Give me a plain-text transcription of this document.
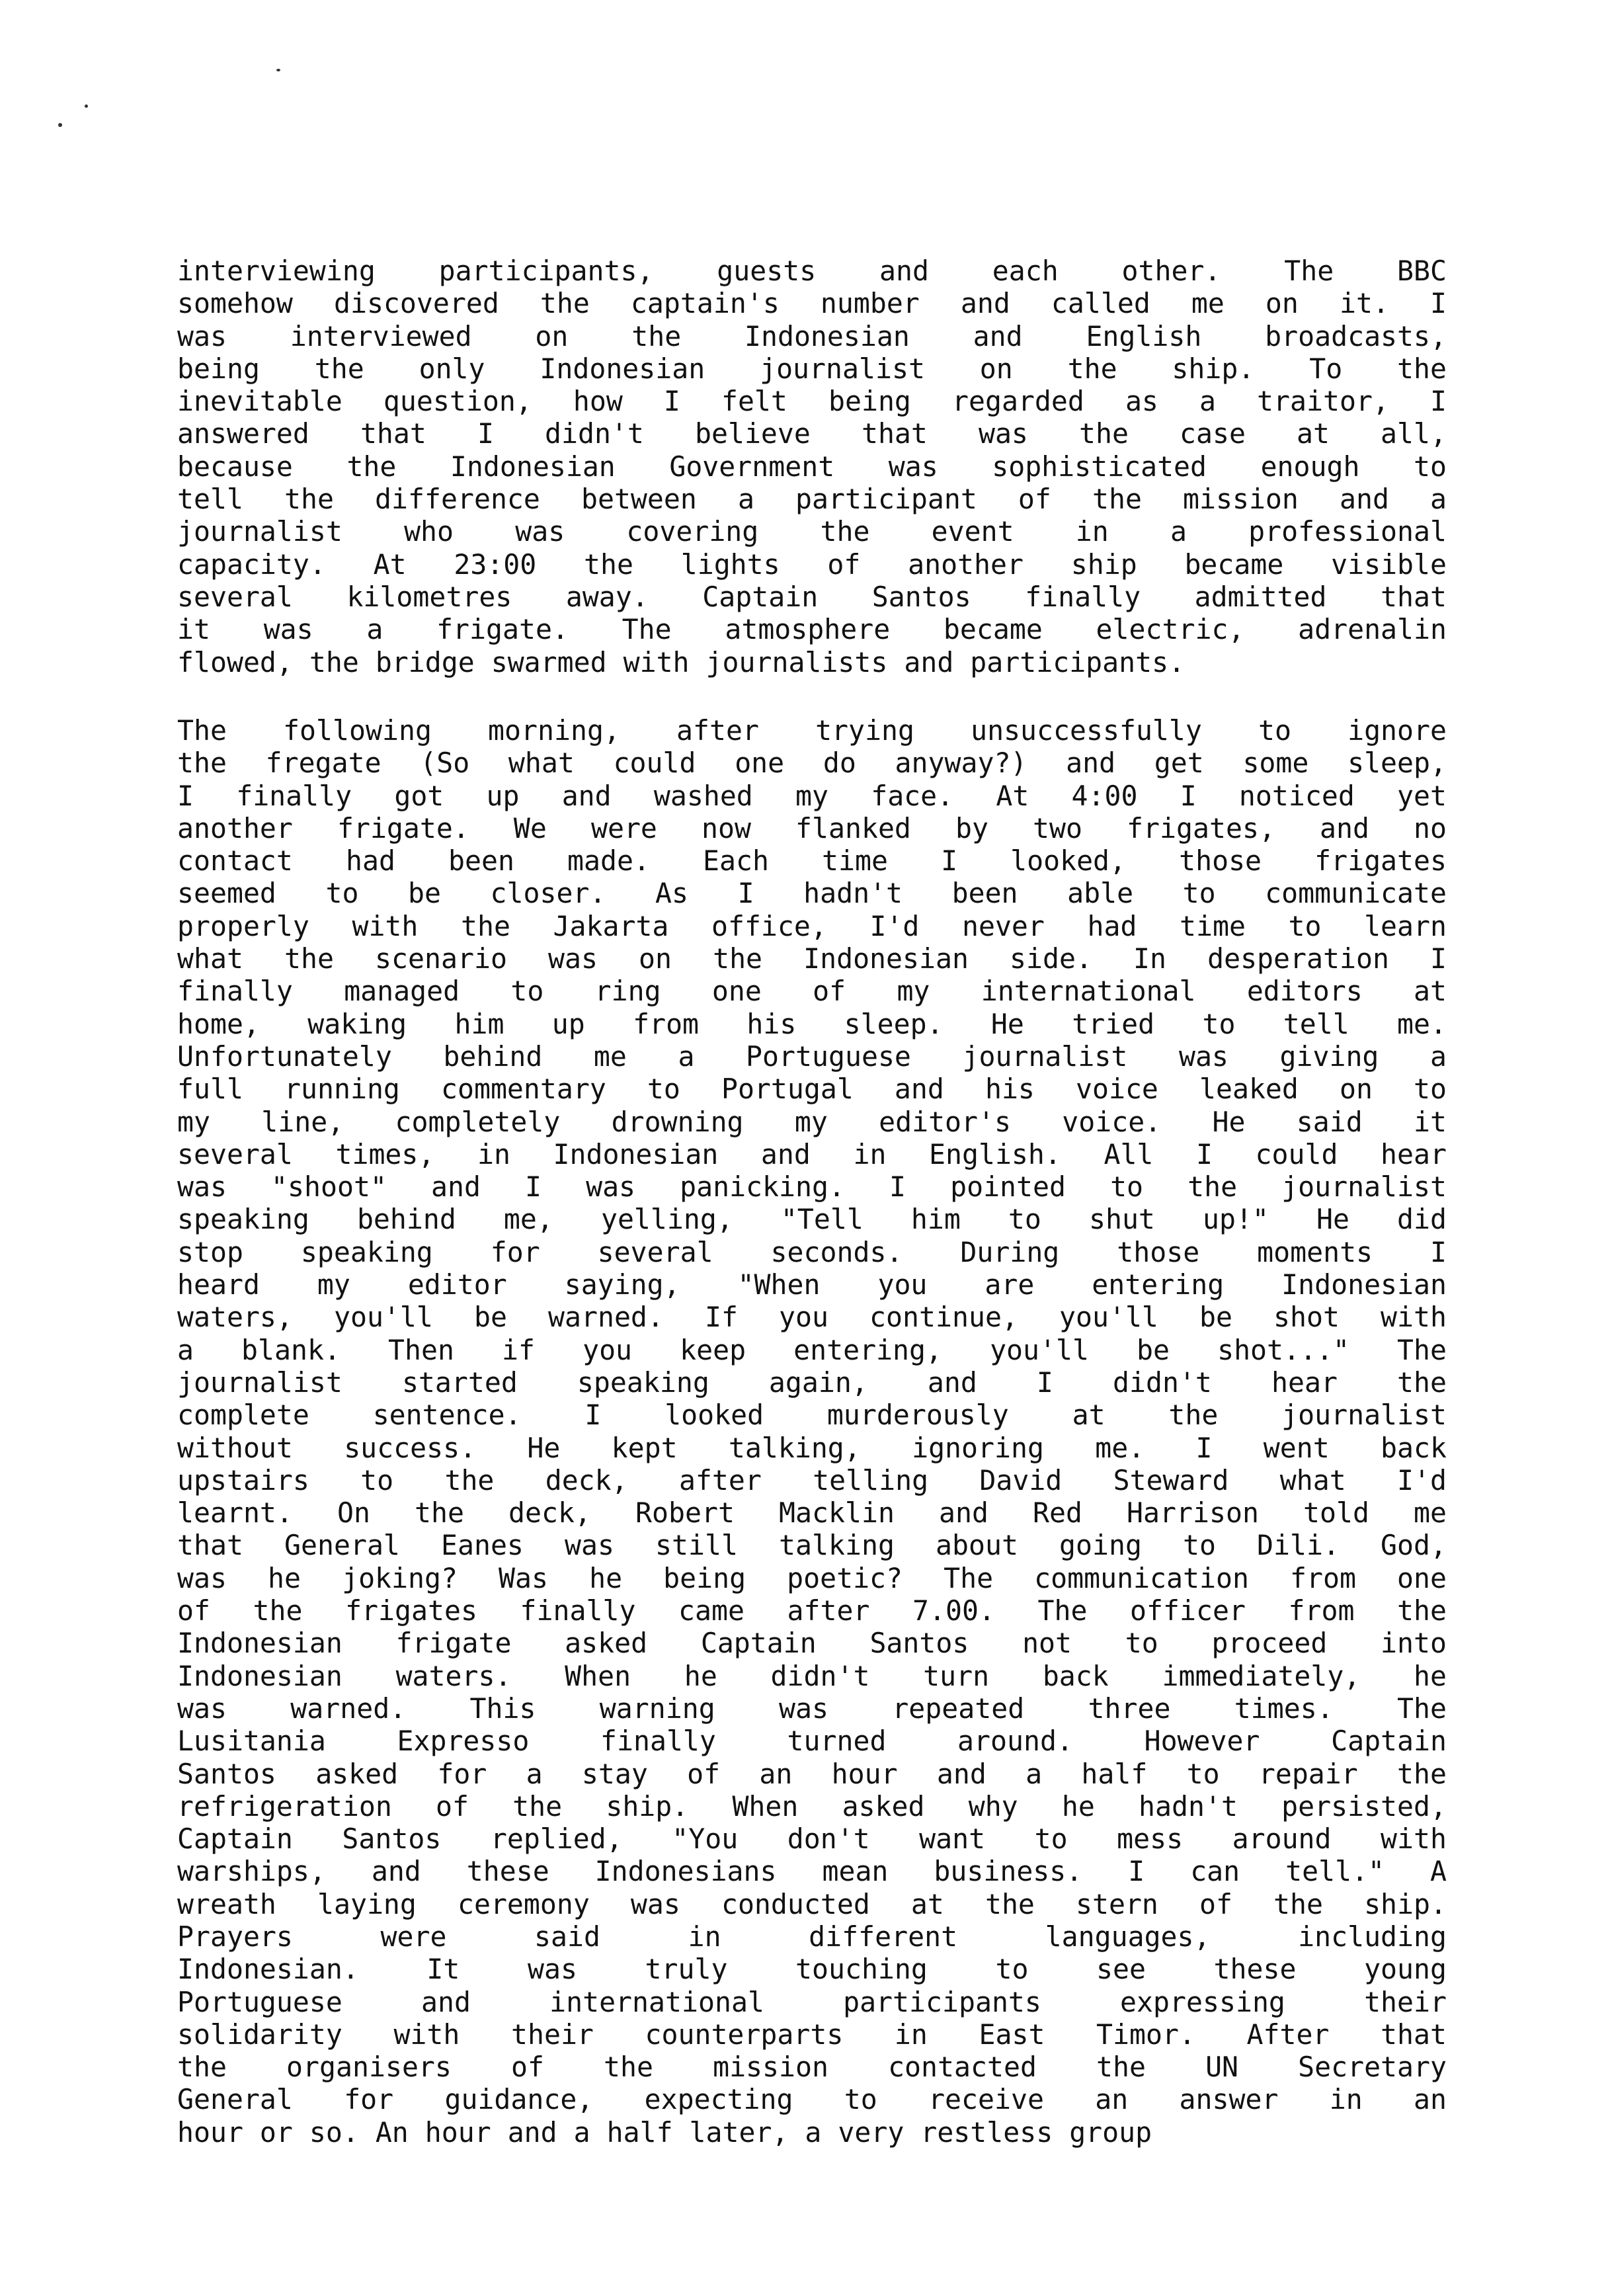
interviewing participants, guests and each other. The BBC
somehow discovered the captain's number and called me on it. I
was interviewed on the Indonesian and English broadcasts,
being the only Indonesian journalist on the ship. To the
inevitable question, how I felt being regarded as a traitor, I
answered that I didn't believe that was the case at all,
because the Indonesian Government was sophisticated enough to
tell the difference between a participant of the mission and a
journalist who was covering the event in a professional
capacity. At 23:00 the lights of another ship became visible
several kilometres away. Captain Santos finally admitted that
it was a frigate. The atmosphere became electric, adrenalin
flowed, the bridge swarmed with journalists and participants.
The following morning, after trying unsuccessfully to ignore
the fregate (So what could one do anyway?) and get some sleep,
I finally got up and washed my face. At 4:00 I noticed yet
another frigate. We were now flanked by two frigates, and no
contact had been made. Each time I looked, those frigates
seemed to be closer. As I hadn't been able to communicate
properly with the Jakarta office, I'd never had time to learn
what the scenario was on the Indonesian side. In desperation I
finally managed to ring one of my international editors at
home, waking him up from his sleep. He tried to tell me.
Unfortunately behind me a Portuguese journalist was giving a
full running commentary to Portugal and his voice leaked on to
my line, completely drowning my editor's voice. He said it
several times, in Indonesian and in English. All I could hear
was "shoot" and I was panicking. I pointed to the journalist
speaking behind me, yelling, "Tell him to shut up!" He did
stop speaking for several seconds. During those moments I
heard my editor saying, "When you are entering Indonesian
waters, you'll be warned. If you continue, you'll be shot with
a blank. Then if you keep entering, you'll be shot..." The
journalist started speaking again, and I didn't hear the
complete sentence. I looked murderously at the journalist
without success. He kept talking, ignoring me. I went back
upstairs to the deck, after telling David Steward what I'd
learnt. On the deck, Robert Macklin and Red Harrison told me
that General Eanes was still talking about going to Dili. God,
was he joking? Was he being poetic? The communication from one
of the frigates finally came after 7.00. The officer from the
Indonesian frigate asked Captain Santos not to proceed into
Indonesian waters. When he didn't turn back immediately, he
was warned. This warning was repeated three times. The
Lusitania Expresso finally turned around. However Captain
Santos asked for a stay of an hour and a half to repair the
refrigeration of the ship. When asked why he hadn't persisted,
Captain Santos replied, "You don't want to mess around with
warships, and these Indonesians mean business. I can tell." A
wreath laying ceremony was conducted at the stern of the ship.
Prayers were said in different languages, including
Indonesian. It was truly touching to see these young
Portuguese and international participants expressing their
solidarity with their counterparts in East Timor. After that
the organisers of the mission contacted the UN Secretary
General for guidance, expecting to receive an answer in an
hour or so. An hour and a half later, a very restless group
